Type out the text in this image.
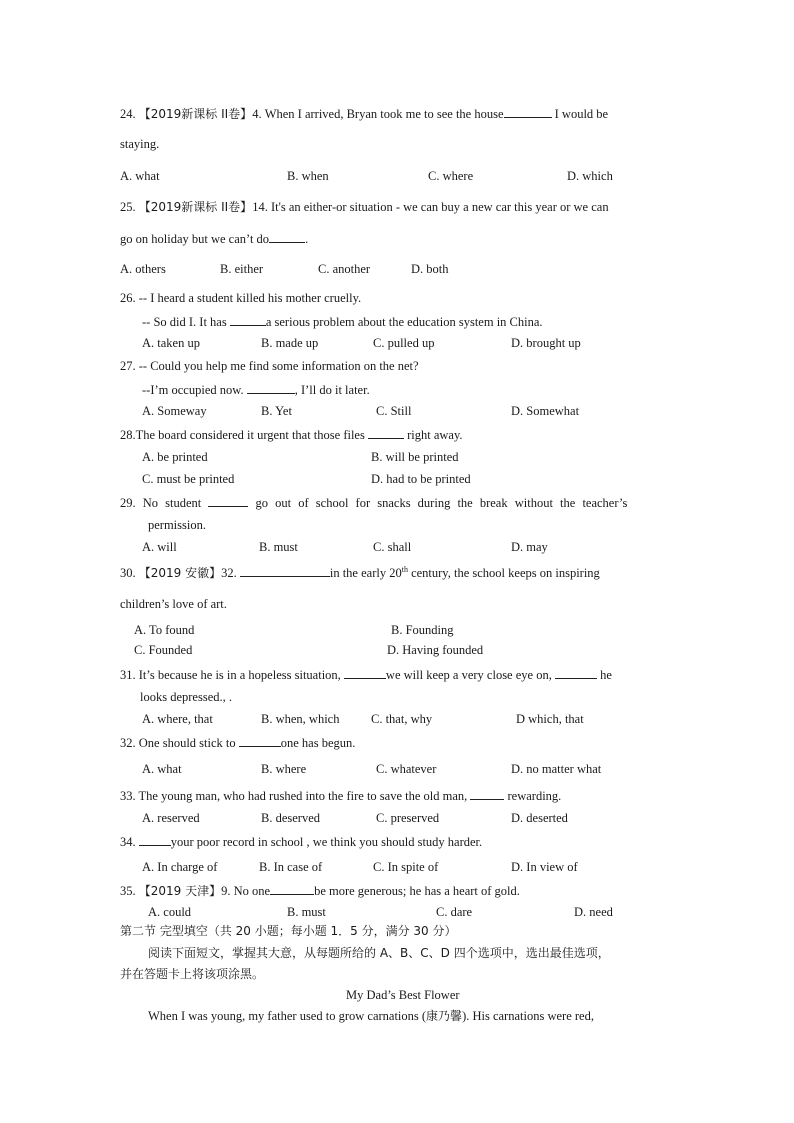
24. 【2019新课标 II卷】4. When I arrived, Bryan took me to see the house	I would be
staying.
A. what	B. when	C. where	D. which
25. 【2019新课标 II卷】14. It's an either-or situation - we can buy a new car this year or we can
go on holiday but we can’t do	.
A. others	B. either	C. another	D. both
26. -- I heard a student killed his mother cruelly.
-- So did I. It has	a serious problem about the education system in China.
A. taken up	B. made up	C. pulled up	D. brought up
27. -- Could you help me find some information on the net?
--I’m occupied now.	, I’ll do it later.
A. Someway	B. Yet	C. Still	D. Somewhat
28.The board considered it urgent that those files	right away.
A. be printed	B. will be printed
C. must be printed	D. had to be printed
29. No student	go out of school for snacks during the break without the teacher’s
permission.
A. will	B. must	C. shall	D. may
30. 【2019 安徽】32.	in the early 20th century, the school keeps on inspiring
children’s love of art.
A. To found	B. Founding
C. Founded	D. Having founded
31. It’s because he is in a hopeless situation,	we will keep a very close eye on,	he
looks depressed., .
A. where, that	B. when, which	C. that, why	D which, that
32. One should stick to	one has begun.
A. what	B. where	C. whatever	D. no matter what
33. The young man, who had rushed into the fire to save the old man,	rewarding.
A. reserved	B. deserved	C. preserved	D. deserted
34.	your poor record in school , we think you should study harder.
A. In charge of	B. In case of	C. In spite of	D. In view of
35. 【2019 天津】9. No one	be more generous; he has a heart of gold.
A. could	B. must	C. dare	D. need
第二节 完型填空（共 20 小题；每小题 1．5 分，满分 30 分）
阅读下面短文，掌握其大意，从每题所给的 A、B、C、D 四个选项中，选出最佳选项，
并在答题卡上将该项涂黑。
My Dad’s Best Flower
When I was young, my father used to grow carnations (康乃馨). His carnations were red,
